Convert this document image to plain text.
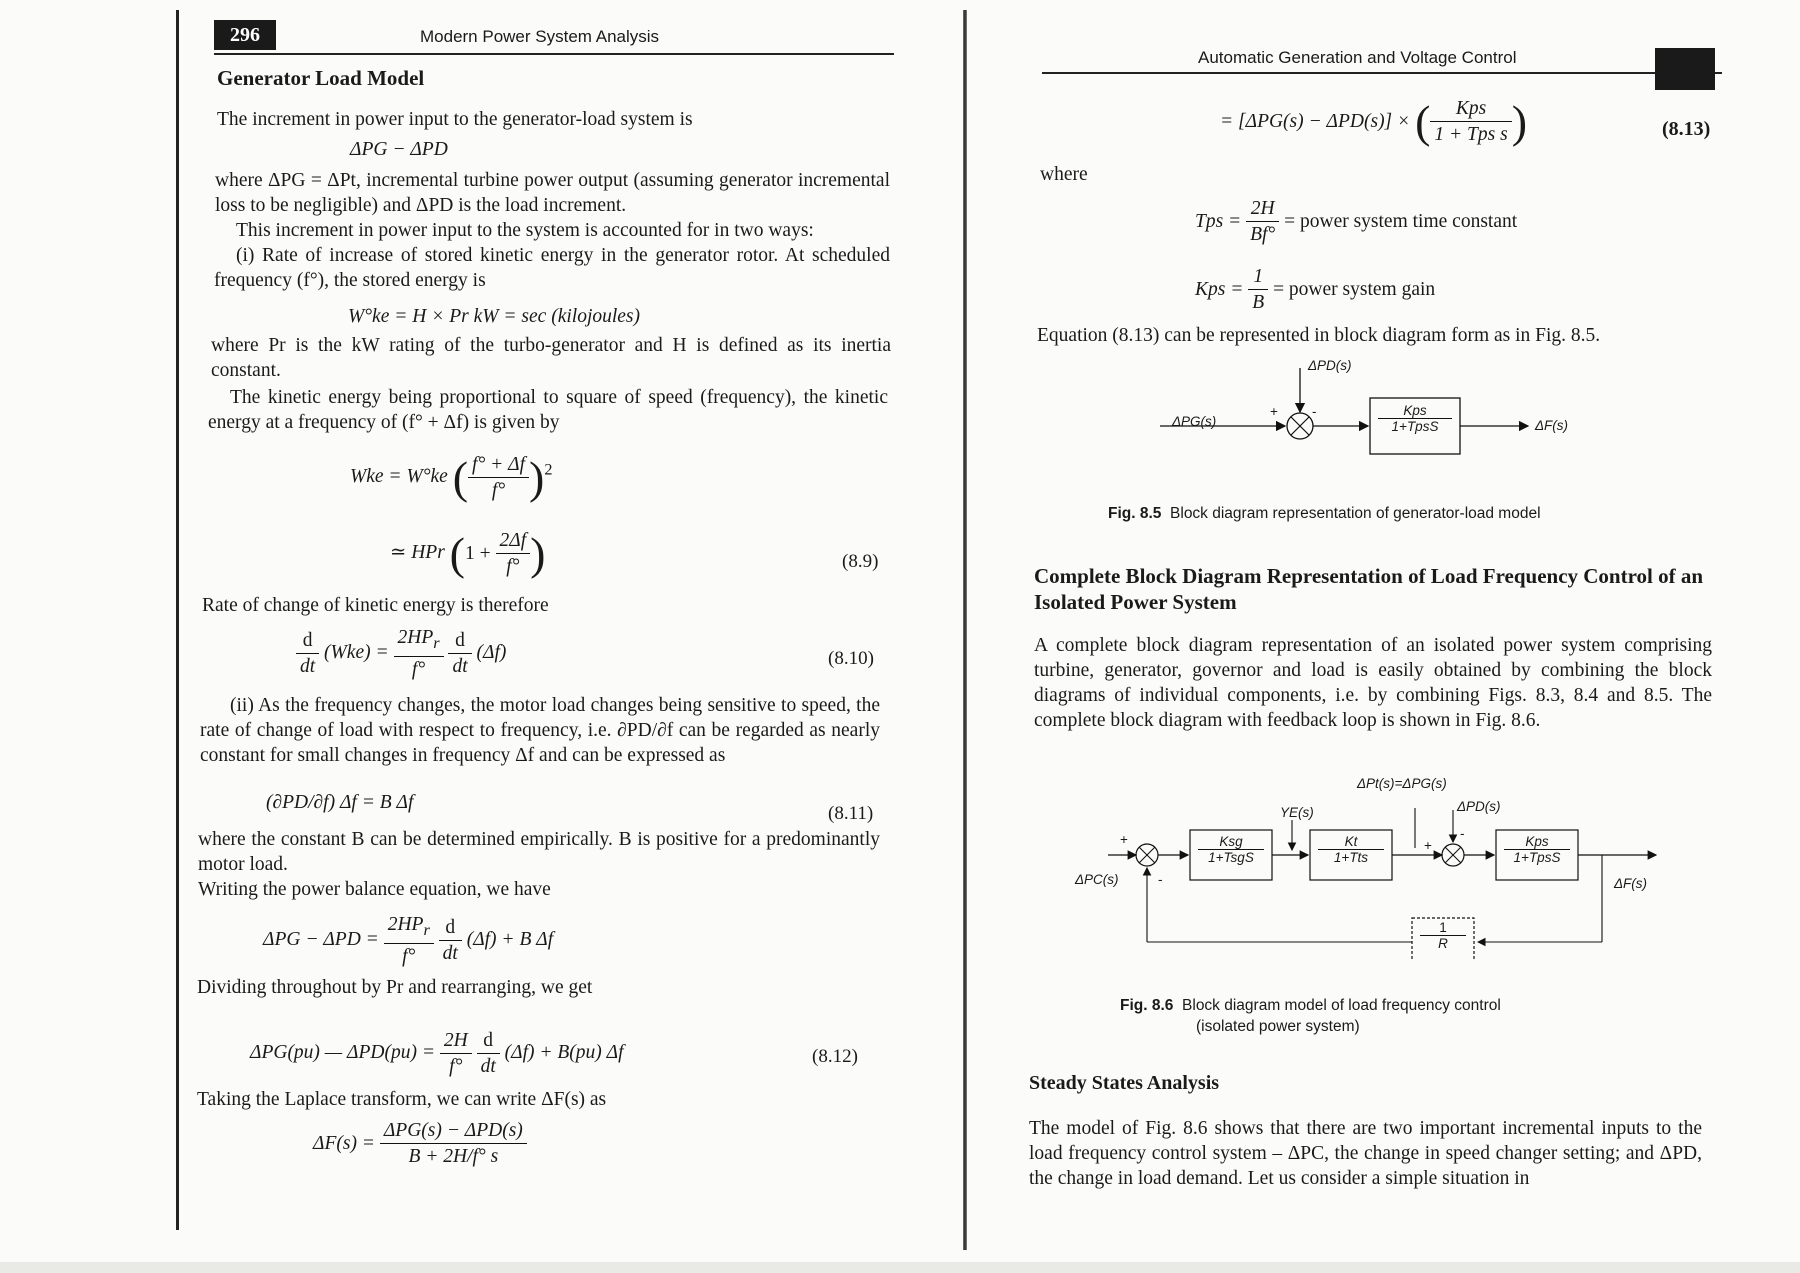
296	Modern Power System Analysis
Generator Load Model
The increment in power input to the generator-load system is
ΔPG − ΔPD
where ΔPG = ΔPt, incremental turbine power output (assuming generator incremental loss to be negligible) and ΔPD is the load increment.
This increment in power input to the system is accounted for in two ways:
(i) Rate of increase of stored kinetic energy in the generator rotor. At scheduled frequency (f°), the stored energy is
W°ke = H × Pr kW = sec (kilojoules)
where Pr is the kW rating of the turbo-generator and H is defined as its inertia constant.
The kinetic energy being proportional to square of speed (frequency), the kinetic energy at a frequency of (f° + Δf) is given by
Wke = W°ke ( $\frac{f^\circ + \Delta f}{f^\circ} )^2$
≃ HPr ($1 + \frac{2\Delta f}{f^\circ}$ )	(8.9)
Rate of change of kinetic energy is therefore
$\frac{d}{dt} (Wke) = \frac{2HP_r}{f^\circ}$
$\frac{d}{dt} (\Delta f)$	(8.10)
(ii) As the frequency changes, the motor load changes being sensitive to speed, the rate of change of load with respect to frequency, i.e. ∂PD/∂f can be regarded as nearly constant for small changes in frequency Δf and can be expressed as
(∂PD/∂f) Δf = B Δf
(8.11)
where the constant B can be determined empirically. B is positive for a predominantly motor load.
Writing the power balance equation, we have
$\Delta PG - \Delta PD = \frac{2HP_r}{f^\circ}$
$\frac{d}{dt} (\Delta f) + B$ Δf
Dividing throughout by Pr and rearranging, we get
ΔPG(pu) — $\Delta PD(pu) = \frac{2H}{f^\circ}$
$\frac{d}{dt} (\Delta f) + B(pu)$ Δf	(8.12)
Taking the Laplace transform, we can write ΔF(s) as
$\Delta F(s) = \frac{\text{ΔPG(s) − ΔPD(s)}}{B + 2H/f^\circ s}$
Automatic Generation and Voltage Control
= [ΔPG(s) − ΔPD(s)] × ( $\frac{\text{Kps}}{\text{1 + Tps s}}$ )	(8.13)
where
Tps = $\frac{2H}{Bf^\circ}$ = power system time constant
Kps = $\frac{1}{B}$ = power system gain
Equation (8.13) can be represented in block diagram form as in Fig. 8.5.
ΔPD(s)
ΔPG(s)
+	-	Kps
1+TpsS	ΔF(s)
Fig. 8.5 Block diagram representation of generator-load model
Complete Block Diagram Representation of Load Frequency Control of an Isolated Power System
A complete block diagram representation of an isolated power system comprising turbine, generator, governor and load is easily obtained by combining the block diagrams of individual components, i.e. by combining Figs. 8.3, 8.4 and 8.5. The complete block diagram with feedback loop is shown in Fig. 8.6.
ΔPt(s)=ΔPG(s)
YE(s)	ΔPD(s)
ΔPC(s)
+
-
+
-
Ksg
1+TsgS
Kt
1+Tts
Kps
1+TpsS
$\frac{1}{R}$
ΔF(s)
Fig. 8.6 Block diagram model of load frequency control
(isolated power system)
Steady States Analysis
The model of Fig. 8.6 shows that there are two important incremental inputs to the load frequency control system – ΔPC, the change in speed changer setting; and ΔPD, the change in load demand. Let us consider a simple situation in
